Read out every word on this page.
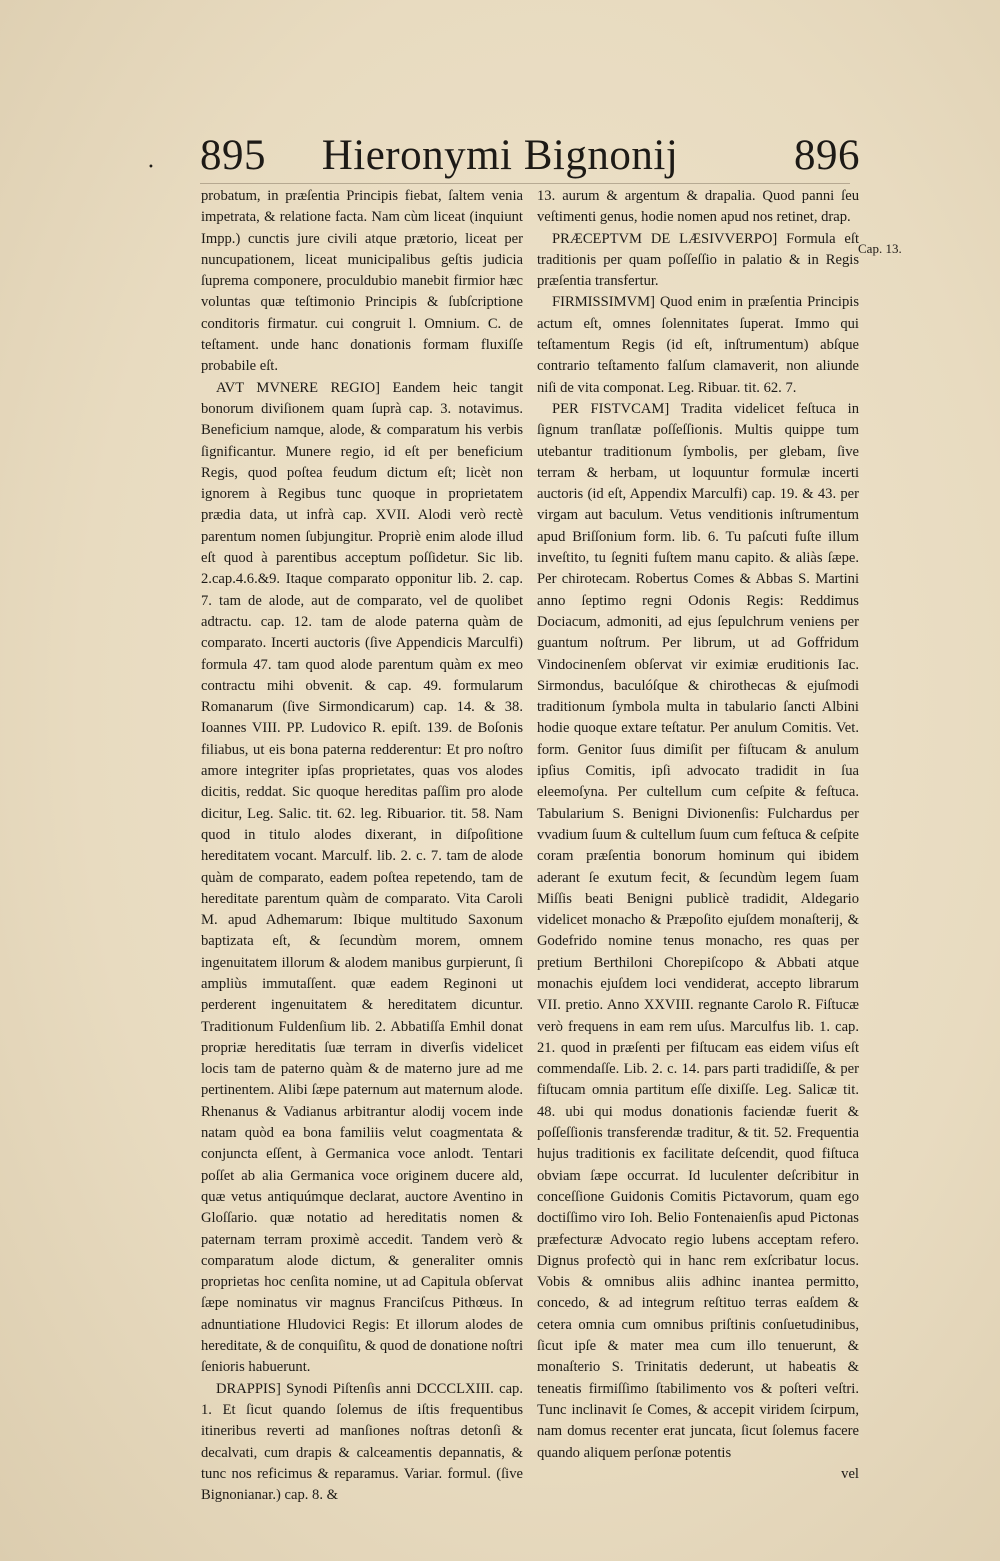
• 895	Hieronymi Bignonij	896

probatum, in præſentia Principis fiebat, ſaltem venia impetrata, & relatione facta. Nam cùm liceat (inquiunt Impp.) cunctis jure civili atque prætorio, liceat per nuncupationem, liceat municipalibus geſtis judicia ſuprema componere, proculdubio manebit firmior hæc voluntas quæ teſtimonio Principis & ſubſcriptione conditoris firmatur. cui congruit l. Omnium. C. de teſtament. unde hanc donationis formam fluxiſſe probabile eſt.

AVT MVNERE REGIO] Eandem heic tangit bonorum diviſionem quam ſuprà cap. 3. notavimus. Beneficium namque, alode, & comparatum his verbis ſignificantur. Munere regio, id eſt per beneficium Regis, quod poſtea feudum dictum eſt; licèt non ignorem à Regibus tunc quoque in proprietatem prædia data, ut infrà cap. XVII. Alodi verò rectè parentum nomen ſubjungitur. Propriè enim alode illud eſt quod à parentibus acceptum poſſidetur. Sic lib. 2.cap.4.6.&9. Itaque comparato opponitur lib. 2. cap. 7. tam de alode, aut de comparato, vel de quolibet adtractu. cap. 12. tam de alode paterna quàm de comparato. Incerti auctoris (ſive Appendicis Marculfi) formula 47. tam quod alode parentum quàm ex meo contractu mihi obvenit. & cap. 49. formularum Romanarum (ſive Sirmondicarum) cap. 14. & 38. Ioannes VIII. PP. Ludovico R. epiſt. 139. de Boſonis filiabus, ut eis bona paterna redderentur: Et pro noſtro amore integriter ipſas proprietates, quas vos alodes dicitis, reddat. Sic quoque hereditas paſſim pro alode dicitur, Leg. Salic. tit. 62. leg. Ribuarior. tit. 58. Nam quod in titulo alodes dixerant, in diſpoſitione hereditatem vocant. Marculf. lib. 2. c. 7. tam de alode quàm de comparato, eadem poſtea repetendo, tam de hereditate parentum quàm de comparato. Vita Caroli M. apud Adhemarum: Ibique multitudo Saxonum baptizata eſt, & ſecundùm morem, omnem ingenuitatem illorum & alodem manibus gurpierunt, ſi ampliùs immutaſſent. quæ eadem Reginoni ut perderent ingenuitatem & hereditatem dicuntur. Traditionum Fuldenſium lib. 2. Abbatiſſa Emhil donat propriæ hereditatis ſuæ terram in diverſis videlicet locis tam de paterno quàm & de materno jure ad me pertinentem. Alibi ſæpe paternum aut maternum alode. Rhenanus & Vadianus arbitrantur alodij vocem inde natam quòd ea bona familiis velut coagmentata & conjuncta eſſent, à Germanica voce anlodt. Tentari poſſet ab alia Germanica voce originem ducere ald, quæ vetus antiquúmque declarat, auctore Aventino in Gloſſario. quæ notatio ad hereditatis nomen & paternam terram proximè accedit. Tandem verò & comparatum alode dictum, & generaliter omnis proprietas hoc cenſita nomine, ut ad Capitula obſervat ſæpe nominatus vir magnus Franciſcus Pithœus. In adnuntiatione Hludovici Regis: Et illorum alodes de hereditate, & de conquiſitu, & quod de donatione noſtri ſenioris habuerunt.

DRAPPIS] Synodi Piſtenſis anni DCCCLXIII. cap. 1. Et ſicut quando ſolemus de iſtis frequentibus itineribus reverti ad manſiones noſtras detonſi & decalvati, cum drapis & calceamentis depannatis, & tunc nos reficimus & reparamus. Variar. formul. (ſive Bignonianar.) cap. 8. &

13. aurum & argentum & drapalia. Quod panni ſeu veſtimenti genus, hodie nomen apud nos retinet, drap.

PRÆCEPTVM DE LÆSIVVERPO] Formula eſt traditionis per quam poſſeſſio in palatio & in Regis præſentia transfertur.

FIRMISSIMVM] Quod enim in præſentia Principis actum eſt, omnes ſolennitates ſuperat. Immo qui teſtamentum Regis (id eſt, inſtrumentum) abſque contrario teſtamento falſum clamaverit, non aliunde niſi de vita componat. Leg. Ribuar. tit. 62. 7.

PER FISTVCAM] Tradita videlicet feſtuca in ſignum tranſlatæ poſſeſſionis. Multis quippe tum utebantur traditionum ſymbolis, per glebam, ſive terram & herbam, ut loquuntur formulæ incerti auctoris (id eſt, Appendix Marculfi) cap. 19. & 43. per virgam aut baculum. Vetus venditionis inſtrumentum apud Briſſonium form. lib. 6. Tu paſcuti fuſte illum inveſtito, tu ſegniti fuſtem manu capito. & aliàs ſæpe. Per chirotecam. Robertus Comes & Abbas S. Martini anno ſeptimo regni Odonis Regis: Reddimus Dociacum, admoniti, ad ejus ſepulchrum veniens per guantum noſtrum. Per librum, ut ad Goffridum Vindocinenſem obſervat vir eximiæ eruditionis Iac. Sirmondus, baculóſque & chirothecas & ejuſmodi traditionum ſymbola multa in tabulario ſancti Albini hodie quoque extare teſtatur. Per anulum Comitis. Vet. form. Genitor ſuus dimiſit per fiſtucam & anulum ipſius Comitis, ipſi advocato tradidit in ſua eleemoſyna. Per cultellum cum ceſpite & feſtuca. Tabularium S. Benigni Divionenſis: Fulchardus per vvadium ſuum & cultellum ſuum cum feſtuca & ceſpite coram præſentia bonorum hominum qui ibidem aderant ſe exutum fecit, & ſecundùm legem ſuam Miſſis beati Benigni publicè tradidit, Aldegario videlicet monacho & Præpoſito ejuſdem monaſterij, & Godefrido nomine tenus monacho, res quas per pretium Berthiloni Chorepiſcopo & Abbati atque monachis ejuſdem loci vendiderat, accepto librarum VII. pretio. Anno XXVIII. regnante Carolo R. Fiſtucæ verò frequens in eam rem uſus. Marculfus lib. 1. cap. 21. quod in præſenti per fiſtucam eas eidem viſus eſt commendaſſe. Lib. 2. c. 14. pars parti tradidiſſe, & per fiſtucam omnia partitum eſſe dixiſſe. Leg. Salicæ tit. 48. ubi qui modus donationis faciendæ fuerit & poſſeſſionis transferendæ traditur, & tit. 52. Frequentia hujus traditionis ex facilitate deſcendit, quod fiſtuca obviam ſæpe occurrat. Id luculenter deſcribitur in conceſſione Guidonis Comitis Pictavorum, quam ego doctiſſimo viro Ioh. Belio Fontenaienſis apud Pictonas præfecturæ Advocato regio lubens acceptam refero. Dignus profectò qui in hanc rem exſcribatur locus. Vobis & omnibus aliis adhinc inantea permitto, concedo, & ad integrum reſtituo terras eaſdem & cetera omnia cum omnibus priſtinis conſuetudinibus, ſicut ipſe & mater mea cum illo tenuerunt, & monaſterio S. Trinitatis dederunt, ut habeatis & teneatis firmiſſimo ſtabilimento vos & poſteri veſtri. Tunc inclinavit ſe Comes, & accepit viridem ſcirpum, nam domus recenter erat juncata, ſicut ſolemus facere quando aliquem perſonæ potentis

vel

Cap. 13.
